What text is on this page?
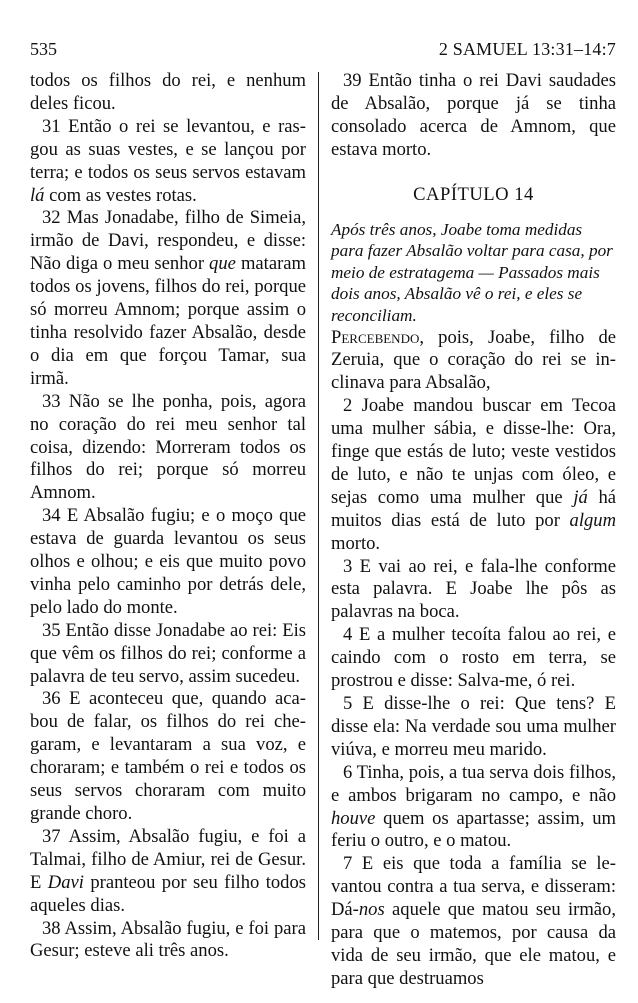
535	2 SAMUEL 13:31–14:7

todos os filhos do rei, e nenhum deles ficou.

31 Então o rei se levantou, e rasgou as suas vestes, e se lançou por terra; e todos os seus servos estavam lá com as vestes rotas.

32 Mas Jonadabe, filho de Simeia, irmão de Davi, respondeu, e disse: Não diga o meu senhor que mataram todos os jovens, filhos do rei, porque só morreu Amnom; porque assim o tinha resolvido fazer Absalão, desde o dia em que forçou Tamar, sua irmã.

33 Não se lhe ponha, pois, agora no coração do rei meu senhor tal coisa, dizendo: Morreram todos os filhos do rei; porque só morreu Amnom.

34 E Absalão fugiu; e o moço que estava de guarda levantou os seus olhos e olhou; e eis que muito povo vinha pelo caminho por detrás dele, pelo lado do monte.

35 Então disse Jonadabe ao rei: Eis que vêm os filhos do rei; conforme a palavra de teu servo, assim sucedeu.

36 E aconteceu que, quando acabou de falar, os filhos do rei chegaram, e levantaram a sua voz, e choraram; e também o rei e todos os seus servos choraram com muito grande choro.

37 Assim, Absalão fugiu, e foi a Talmai, filho de Amiur, rei de Gesur. E Davi pranteou por seu filho todos aqueles dias.

38 Assim, Absalão fugiu, e foi para Gesur; esteve ali três anos.

39 Então tinha o rei Davi saudades de Absalão, porque já se tinha consolado acerca de Amnom, que estava morto.

CAPÍTULO 14

Após três anos, Joabe toma medidas para fazer Absalão voltar para casa, por meio de estratagema — Passados mais dois anos, Absalão vê o rei, e eles se reconciliam.

Percebendo, pois, Joabe, filho de Zeruia, que o coração do rei se inclinava para Absalão,

2 Joabe mandou buscar em Tecoa uma mulher sábia, e disse-lhe: Ora, finge que estás de luto; veste vestidos de luto, e não te unjas com óleo, e sejas como uma mulher que já há muitos dias está de luto por algum morto.

3 E vai ao rei, e fala-lhe conforme esta palavra. E Joabe lhe pôs as palavras na boca.

4 E a mulher tecoíta falou ao rei, e caindo com o rosto em terra, se prostrou e disse: Salva-me, ó rei.

5 E disse-lhe o rei: Que tens? E disse ela: Na verdade sou uma mulher viúva, e morreu meu marido.

6 Tinha, pois, a tua serva dois filhos, e ambos brigaram no campo, e não houve quem os apartasse; assim, um feriu o outro, e o matou.

7 E eis que toda a família se levantou contra a tua serva, e disseram: Dá-nos aquele que matou seu irmão, para que o matemos, por causa da vida de seu irmão, que ele matou, e para que destruamos
